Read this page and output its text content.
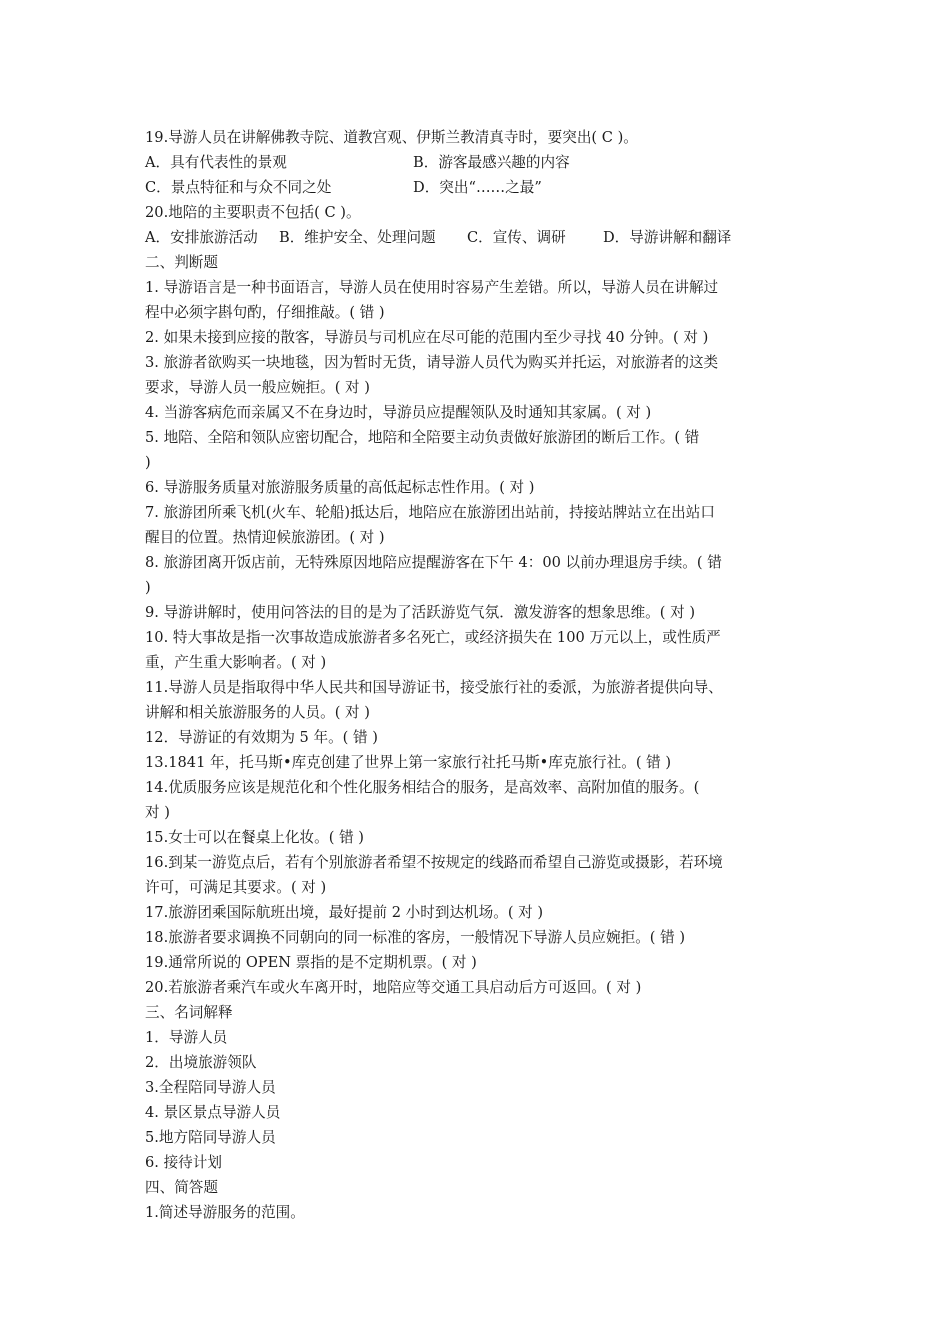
19.导游人员在讲解佛教寺院、道教宫观、伊斯兰教清真寺时，要突出( C )。
A．具有代表性的景观	B．游客最感兴趣的内容
C．景点特征和与众不同之处	D．突出“……之最”
20.地陪的主要职责不包括( C )。
A．安排旅游活动 B．维护安全、处理问题 C．宣传、调研	D．导游讲解和翻译
二、判断题
1. 导游语言是一种书面语言，导游人员在使用时容易产生差错。所以，导游人员在讲解过
程中必须字斟句酌，仔细推敲。( 错 )
2. 如果未接到应接的散客，导游员与司机应在尽可能的范围内至少寻找 40 分钟。( 对 )
3. 旅游者欲购买一块地毯，因为暂时无货，请导游人员代为购买并托运，对旅游者的这类
要求，导游人员一般应婉拒。( 对 )
4. 当游客病危而亲属又不在身边时，导游员应提醒领队及时通知其家属。( 对 )
5. 地陪、全陪和领队应密切配合，地陪和全陪要主动负责做好旅游团的断后工作。( 错
)
6. 导游服务质量对旅游服务质量的高低起标志性作用。( 对 )
7. 旅游团所乘飞机(火车、轮船)抵达后，地陪应在旅游团出站前，持接站牌站立在出站口
醒目的位置。热情迎候旅游团。( 对 )
8. 旅游团离开饭店前，无特殊原因地陪应提醒游客在下午 4：00 以前办理退房手续。( 错
)
9. 导游讲解时，使用问答法的目的是为了活跃游览气氛．激发游客的想象思维。( 对 )
10. 特大事故是指一次事故造成旅游者多名死亡，或经济损失在 100 万元以上，或性质严
重，产生重大影响者。( 对 )
11.导游人员是指取得中华人民共和国导游证书，接受旅行社的委派，为旅游者提供向导、
讲解和相关旅游服务的人员。( 对 )
12．导游证的有效期为 5 年。( 错 )
13.1841 年，托马斯•库克创建了世界上第一家旅行社托马斯•库克旅行社。( 错 )
14.优质服务应该是规范化和个性化服务相结合的服务，是高效率、高附加值的服务。(
对 )
15.女士可以在餐桌上化妆。( 错 )
16.到某一游览点后，若有个别旅游者希望不按规定的线路而希望自己游览或摄影，若环境
许可，可满足其要求。( 对 )
17.旅游团乘国际航班出境，最好提前 2 小时到达机场。( 对 )
18.旅游者要求调换不同朝向的同一标准的客房，一般情况下导游人员应婉拒。( 错 )
19.通常所说的 OPEN 票指的是不定期机票。( 对 )
20.若旅游者乘汽车或火车离开时，地陪应等交通工具启动后方可返回。( 对 )
三、名词解释
1．导游人员
2．出境旅游领队
3.全程陪同导游人员
4. 景区景点导游人员
5.地方陪同导游人员
6. 接待计划
四、简答题
1.简述导游服务的范围。
